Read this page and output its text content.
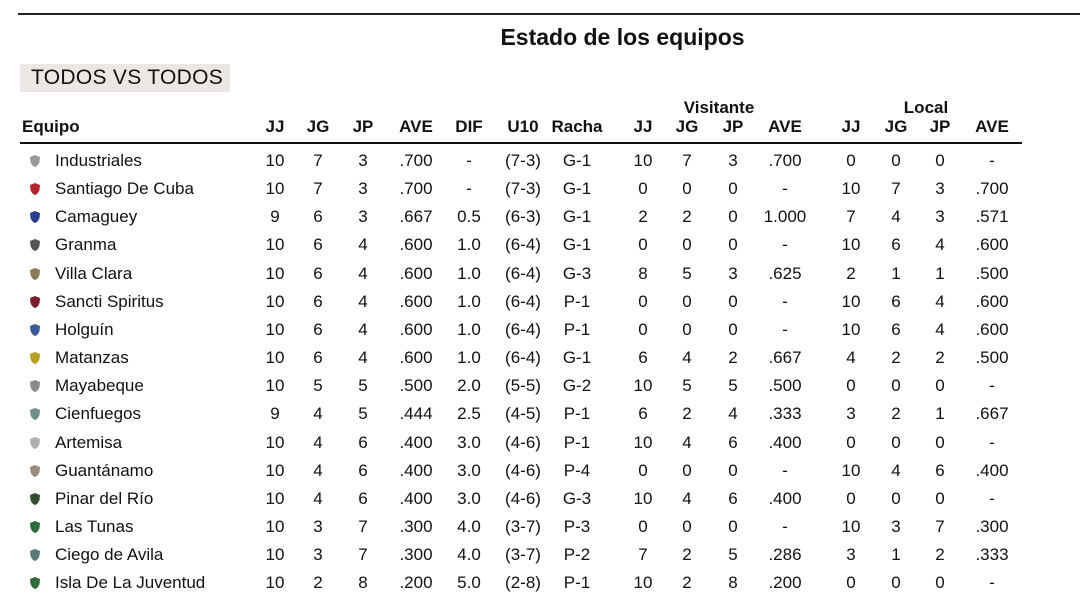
Estado de los equipos
TODOS VS TODOS
Visitante	Local
Equipo	JJ	JG	JP	AVE	DIF	U10 Racha	JJ	JG	JP	AVE	JJ	JG	JP	AVE
Industriales	10	7	3	.700	-	(7-3)	G-1	10	7	3	.700	0	0	0	-
Santiago De Cuba	10	7	3	.700	-	(7-3)	G-1	0	0	0	-	10	7	3	.700
Camaguey	9	6	3	.667	0.5	(6-3)	G-1	2	2	0	1.000	7	4	3	.571
Granma	10	6	4	.600	1.0	(6-4)	G-1	0	0	0	-	10	6	4	.600
Villa Clara	10	6	4	.600	1.0	(6-4)	G-3	8	5	3	.625	2	1	1	.500
Sancti Spiritus	10	6	4	.600	1.0	(6-4)	P-1	0	0	0	-	10	6	4	.600
Holguín	10	6	4	.600	1.0	(6-4)	P-1	0	0	0	-	10	6	4	.600
Matanzas	10	6	4	.600	1.0	(6-4)	G-1	6	4	2	.667	4	2	2	.500
Mayabeque	10	5	5	.500	2.0	(5-5)	G-2	10	5	5	.500	0	0	0	-
Cienfuegos	9	4	5	.444	2.5	(4-5)	P-1	6	2	4	.333	3	2	1	.667
Artemisa	10	4	6	.400	3.0	(4-6)	P-1	10	4	6	.400	0	0	0	-
Guantánamo	10	4	6	.400	3.0	(4-6)	P-4	0	0	0	-	10	4	6	.400
Pinar del Río	10	4	6	.400	3.0	(4-6)	G-3	10	4	6	.400	0	0	0	-
Las Tunas	10	3	7	.300	4.0	(3-7)	P-3	0	0	0	-	10	3	7	.300
Ciego de Avila	10	3	7	.300	4.0	(3-7)	P-2	7	2	5	.286	3	1	2	.333
Isla De La Juventud	10	2	8	.200	5.0	(2-8)	P-1	10	2	8	.200	0	0	0	-
